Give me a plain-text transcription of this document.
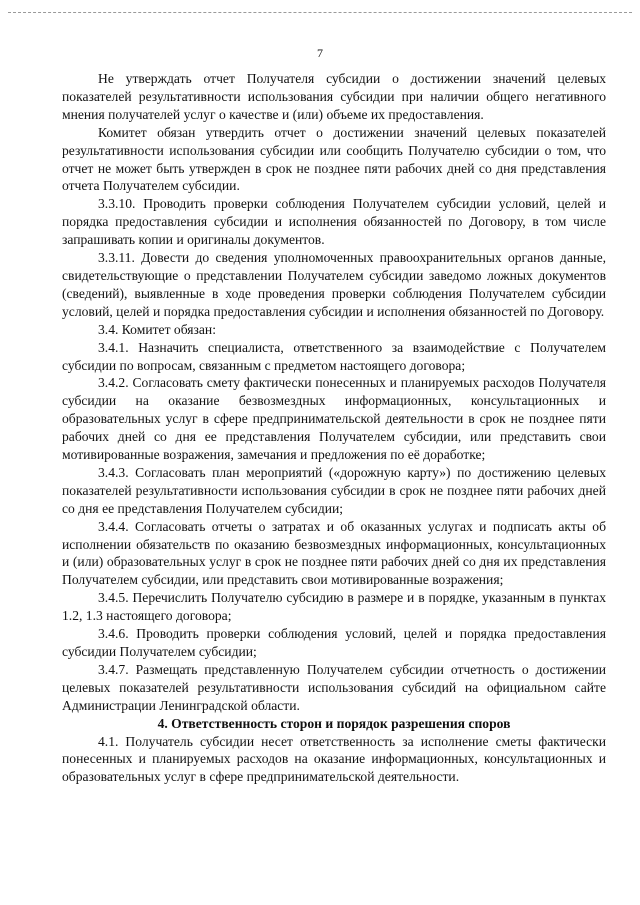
7

Не утверждать отчет Получателя субсидии о достижении значений целевых показателей результативности использования субсидии при наличии общего негативного мнения получателей услуг о качестве и (или) объеме их предоставления.

Комитет обязан утвердить отчет о достижении значений целевых показателей результативности использования субсидии или сообщить Получателю субсидии о том, что отчет не может быть утвержден в срок не позднее пяти рабочих дней со дня представления отчета Получателем субсидии.

3.3.10. Проводить проверки соблюдения Получателем субсидии условий, целей и порядка предоставления субсидии и исполнения обязанностей по Договору, в том числе запрашивать копии и оригиналы документов.

3.3.11. Довести до сведения уполномоченных правоохранительных органов данные, свидетельствующие о представлении Получателем субсидии заведомо ложных документов (сведений), выявленные в ходе проведения проверки соблюдения Получателем субсидии условий, целей и порядка предоставления субсидии и исполнения обязанностей по Договору.

3.4. Комитет обязан:

3.4.1. Назначить специалиста, ответственного за взаимодействие с Получателем субсидии по вопросам, связанным с предметом настоящего договора;

3.4.2. Согласовать смету фактически понесенных и планируемых расходов Получателя субсидии на оказание безвозмездных информационных, консультационных и образовательных услуг в сфере предпринимательской деятельности в срок не позднее пяти рабочих дней со дня ее представления Получателем субсидии, или представить свои мотивированные возражения, замечания и предложения по её доработке;

3.4.3. Согласовать план мероприятий («дорожную карту») по достижению целевых показателей результативности использования субсидии в срок не позднее пяти рабочих дней со дня ее представления Получателем субсидии;

3.4.4. Согласовать отчеты о затратах и об оказанных услугах и подписать акты об исполнении обязательств по оказанию безвозмездных информационных, консультационных и (или) образовательных услуг в срок не позднее пяти рабочих дней со дня их представления Получателем субсидии, или представить свои мотивированные возражения;

3.4.5. Перечислить Получателю субсидию в размере и в порядке, указанным в пунктах 1.2, 1.3 настоящего договора;

3.4.6. Проводить проверки соблюдения условий, целей и порядка предоставления субсидии Получателем субсидии;

3.4.7. Размещать представленную Получателем субсидии отчетность о достижении целевых показателей результативности использования субсидий на официальном сайте Администрации Ленинградской области.

4. Ответственность сторон и порядок разрешения споров

4.1. Получатель субсидии несет ответственность за исполнение сметы фактически понесенных и планируемых расходов на оказание информационных, консультационных и образовательных услуг в сфере предпринимательской деятельности.
